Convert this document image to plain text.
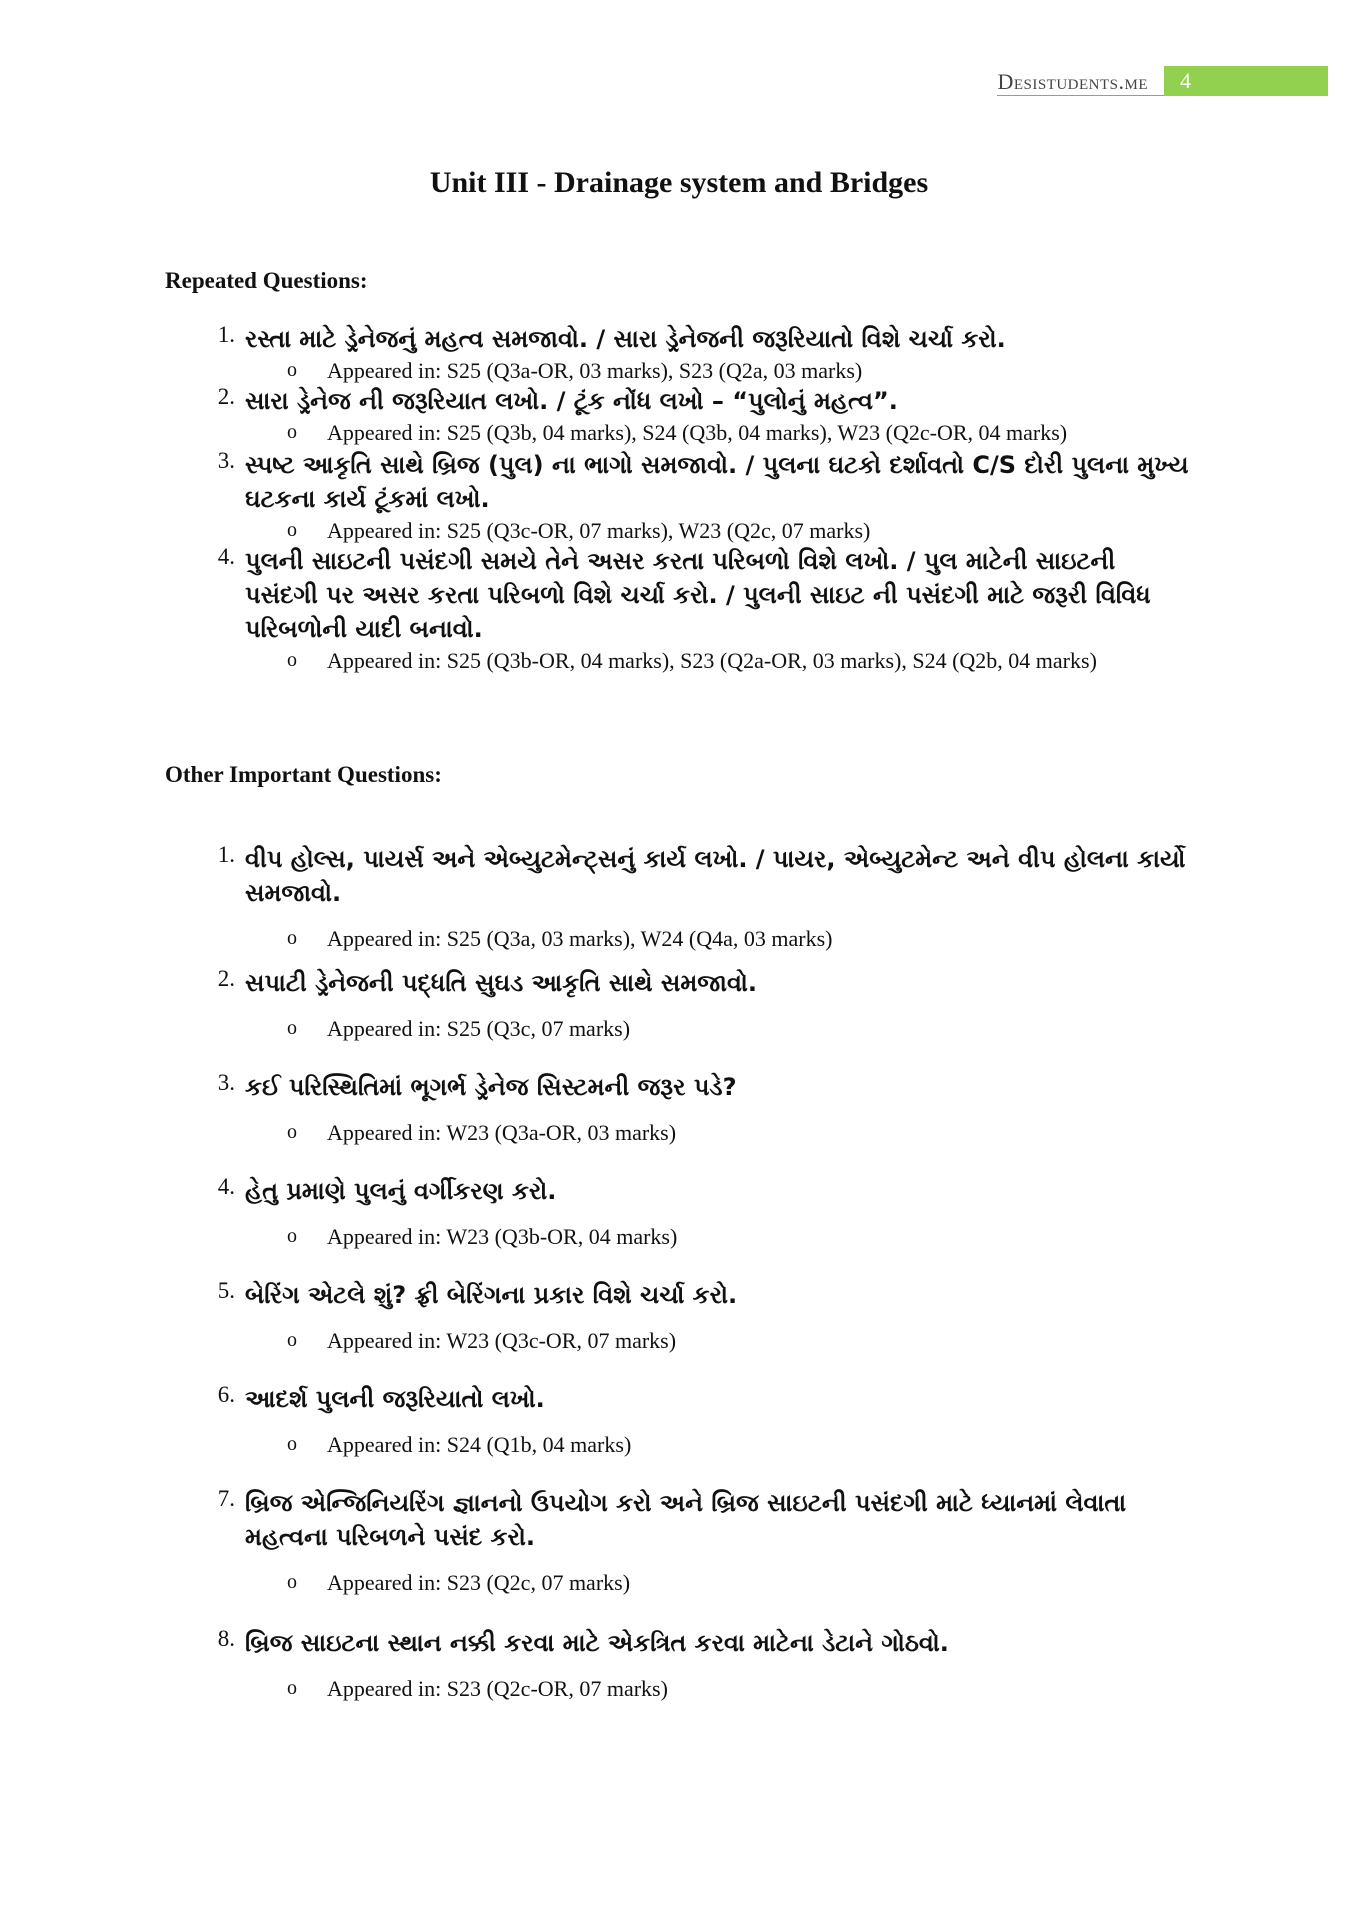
Desistudents.me	4
Unit III - Drainage system and Bridges
Repeated Questions:
1. રસ્તા માટે ડ્રેનેજનું મહત્વ સમજાવો. / સારા ડ્રેનેજની જરૂરિયાતો વિશે ચર્ચા કરો.
o Appeared in: S25 (Q3a-OR, 03 marks), S23 (Q2a, 03 marks)
2. સારા ડ્રેનેજ ની જરૂરિયાત લખો. / ટૂંક નોંધ લખો – “પુલોનું મહત્વ”.
o Appeared in: S25 (Q3b, 04 marks), S24 (Q3b, 04 marks), W23 (Q2c-OR, 04 marks)
3. સ્પષ્ટ આકૃતિ સાથે બ્રિજ (પુલ) ના ભાગો સમજાવો. / પુલના ઘટકો દર્શાવતો C/S દોરી પુલના મુખ્ય ઘટકના કાર્ય ટૂંકમાં લખો.
o Appeared in: S25 (Q3c-OR, 07 marks), W23 (Q2c, 07 marks)
4. પુલની સાઇટની પસંદગી સમયે તેને અસર કરતા પરિબળો વિશે લખો. / પુલ માટેની સાઇટની પસંદગી પર અસર કરતા પરિબળો વિશે ચર્ચા કરો. / પુલની સાઇટ ની પસંદગી માટે જરૂરી વિવિધ પરિબળોની યાદી બનાવો.
o Appeared in: S25 (Q3b-OR, 04 marks), S23 (Q2a-OR, 03 marks), S24 (Q2b, 04 marks)
Other Important Questions:
1. વીપ હોલ્સ, પાયર્સ અને એબ્યુટમેન્ટ્સનું કાર્ય લખો. / પાયર, એબ્યુટમેન્ટ અને વીપ હોલના કાર્યો સમજાવો.
o Appeared in: S25 (Q3a, 03 marks), W24 (Q4a, 03 marks)
2. સપાટી ડ્રેનેજની પદ્ધતિ સુઘડ આકૃતિ સાથે સમજાવો.
o Appeared in: S25 (Q3c, 07 marks)
3. કઈ પરિસ્થિતિમાં ભૂગર્ભ ડ્રેનેજ સિસ્ટમની જરૂર પડે?
o Appeared in: W23 (Q3a-OR, 03 marks)
4. હેતુ પ્રમાણે પુલનું વર્ગીકરણ કરો.
o Appeared in: W23 (Q3b-OR, 04 marks)
5. બેરિંગ એટલે શું? ફ્રી બેરિંગના પ્રકાર વિશે ચર્ચા કરો.
o Appeared in: W23 (Q3c-OR, 07 marks)
6. આદર્શ પુલની જરૂરિયાતો લખો.
o Appeared in: S24 (Q1b, 04 marks)
7. બ્રિજ એન્જિનિયરિંગ જ્ઞાનનો ઉપયોગ કરો અને બ્રિજ સાઇટની પસંદગી માટે ધ્યાનમાં લેવાતા મહત્વના પરિબળને પસંદ કરો.
o Appeared in: S23 (Q2c, 07 marks)
8. બ્રિજ સાઇટના સ્થાન નક્કી કરવા માટે એકત્રિત કરવા માટેના ડેટાને ગોઠવો.
o Appeared in: S23 (Q2c-OR, 07 marks)
